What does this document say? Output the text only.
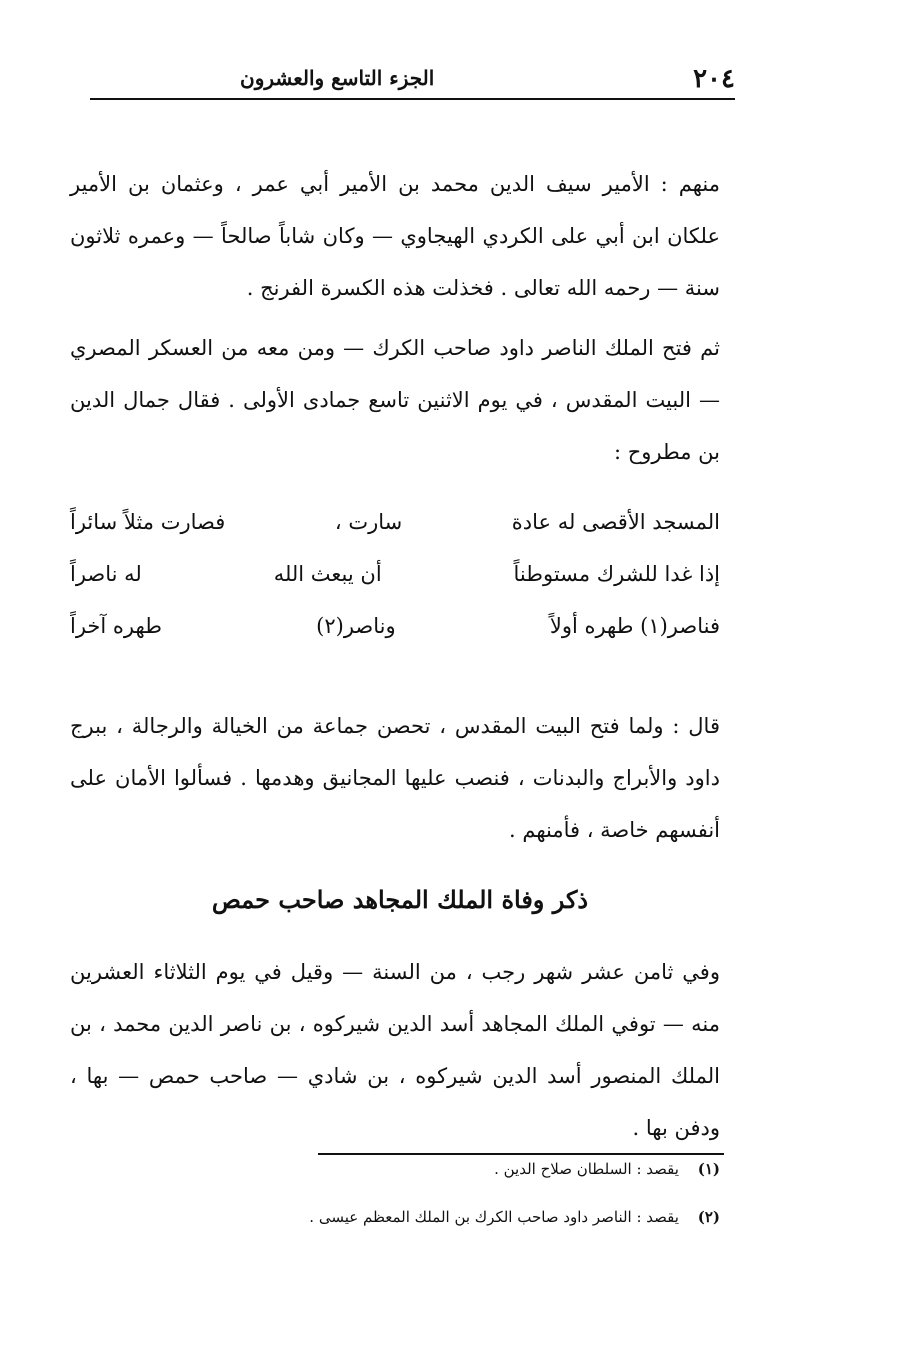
٢٠٤
الجزء التاسع والعشرون

منهم : الأمير سيف الدين محمد بن الأمير أبي عمر ، وعثمان بن الأمير علكان ابن أبي على الكردي الهيجاوي — وكان شاباً صالحاً — وعمره ثلاثون سنة — رحمه الله تعالى . فخذلت هذه الكسرة الفرنج .

ثم فتح الملك الناصر داود صاحب الكرك — ومن معه من العسكر المصري — البيت المقدس ، في يوم الاثنين تاسع جمادى الأولى . فقال جمال الدين بن مطروح :

المسجد الأقصى له عادة
سارت ،
فصارت مثلاً سائراً
إذا غدا للشرك مستوطناً
أن يبعث الله
له ناصراً
فناصر(١) طهره أولاً
وناصر(٢)
طهره آخراً

قال : ولما فتح البيت المقدس ، تحصن جماعة من الخيالة والرجالة ، ببرج داود والأبراج والبدنات ، فنصب عليها المجانيق وهدمها . فسألوا الأمان على أنفسهم خاصة ، فأمنهم .

ذكر وفاة الملك المجاهد صاحب حمص

وفي ثامن عشر شهر رجب ، من السنة — وقيل في يوم الثلاثاء العشرين منه — توفي الملك المجاهد أسد الدين شيركوه ، بن ناصر الدين محمد ، بن الملك المنصور أسد الدين شيركوه ، بن شادي — صاحب حمص — بها ، ودفن بها .

(١) يقصد : السلطان صلاح الدين .
(٢) يقصد : الناصر داود صاحب الكرك بن الملك المعظم عيسى .
